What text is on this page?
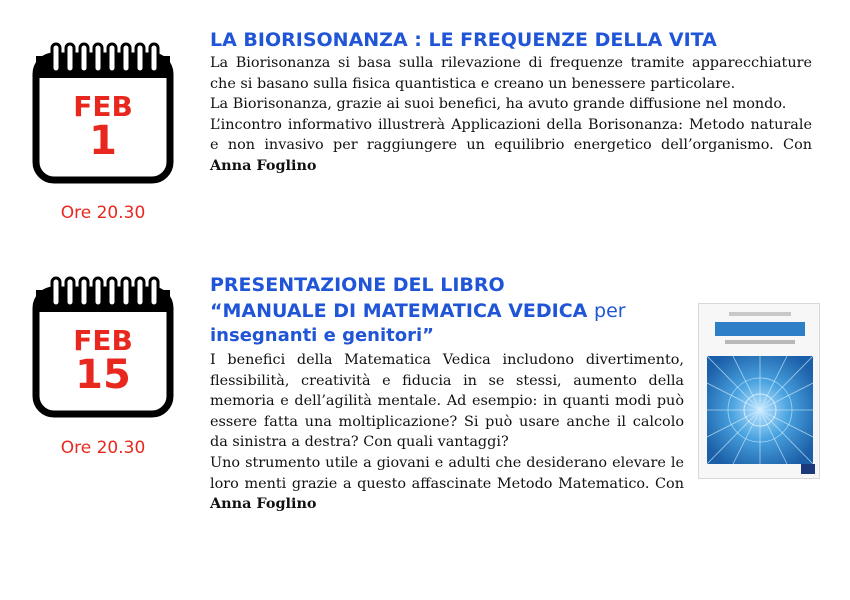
FEB
1
Ore 20.30
LA BIORISONANZA : LE FREQUENZE DELLA VITA

La Biorisonanza si basa sulla rilevazione di frequenze tramite apparecchiature che si basano sulla fisica quantistica e creano un benessere particolare.

La Biorisonanza, grazie ai suoi benefici, ha avuto grande diffusione nel mondo.

L’incontro informativo illustrerà Applicazioni della Borisonanza: Metodo naturale e non invasivo per raggiungere un equilibrio energetico dell’organismo. Con Anna Foglino

FEB
15
Ore 20.30
PRESENTAZIONE DEL LIBRO
“MANUALE DI MATEMATICA VEDICA per
insegnanti e genitori”

I benefici della Matematica Vedica includono divertimento, flessibilità, creatività e fiducia in se stessi, aumento della memoria e dell’agilità mentale. Ad esempio: in quanti modi può essere fatta una moltiplicazione? Si può usare anche il calcolo da sinistra a destra? Con quali vantaggi?

Uno strumento utile a giovani e adulti che desiderano elevare le loro menti grazie a questo affascinate Metodo Matematico. Con Anna Foglino
